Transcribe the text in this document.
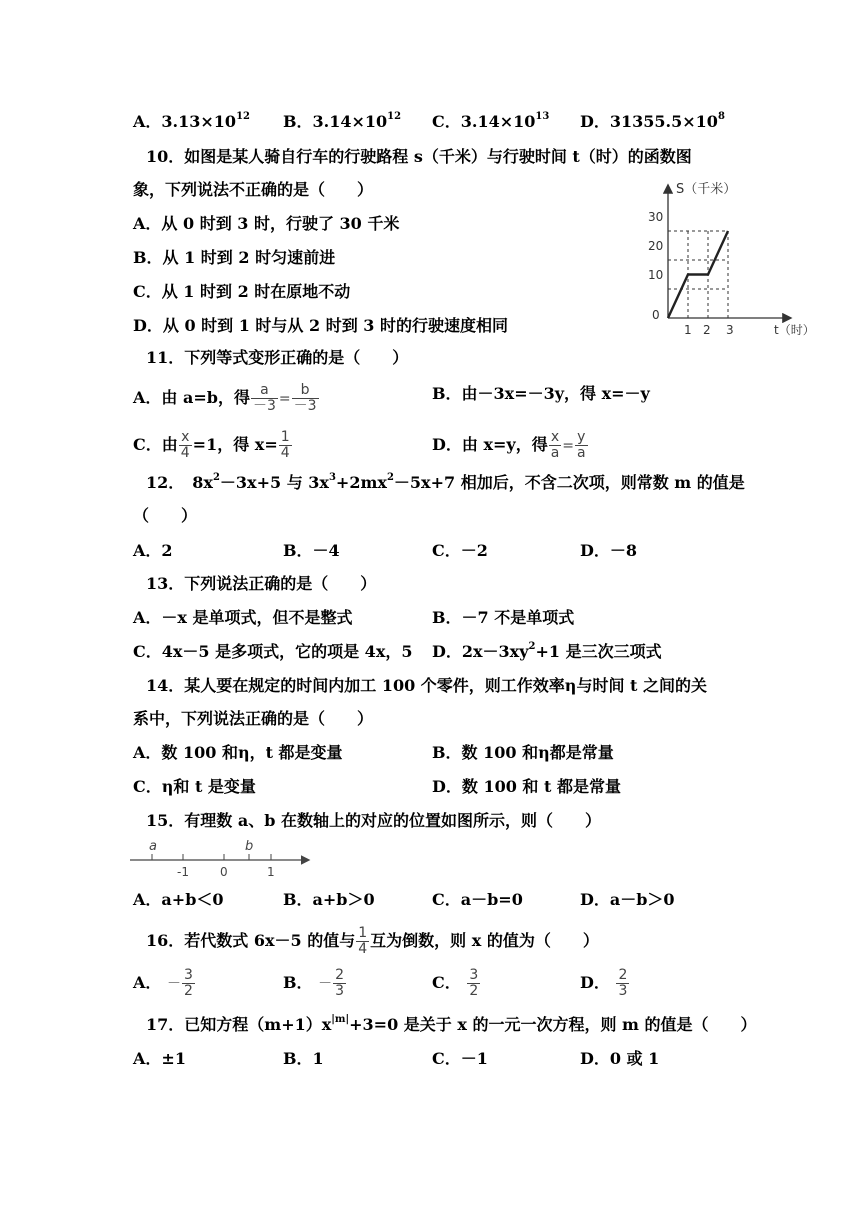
A．$3.13\times 10^{12}$ B．$3.14\times 10^{12}$ C．$3.14\times 10^{13}$ D．$31355.5\times 10^8$
10．如图是某人骑自行车的行驶路程 s（千米）与行驶时间 t（时）的函数图
象，下列说法不正确的是（　　）
A．从 0 时到 3 时，行驶了 30 千米
B．从 1 时到 2 时匀速前进
C．从 1 时到 2 时在原地不动
D．从 0 时到 1 时与从 2 时到 3 时的行驶速度相同
S（千米）
t（时）
30
20
10
0
1 2 3
11．下列等式变形正确的是（　　）
A．由 a=b，得 $\frac{a}{-3} = \frac{b}{-3}$	B．由－3x=－3y，得 x=－y
C．由 $\frac{x}{4} =1$，得 $x= \frac{1}{4}$	D．由 x=y，得 $\frac{x}{a} = \frac{y}{a}$
12．　$8x^2-3x+5$ 与 $3x^3+2mx^2-5x+7$ 相加后，不含二次项，则常数 m 的值是
（　　）
A．2	B．－4	C．－2	D．－8
13．下列说法正确的是（　　）
A．－x 是单项式，但不是整式	B．－7 不是单项式
C．4x－5 是多项式，它的项是 4x，5 D．$2x-3xy^2+1$ 是三次三项式
14．某人要在规定的时间内加工 100 个零件，则工作效率η与时间 t 之间的关
系中，下列说法正确的是（　　）
A．数 100 和η，t 都是变量	B．数 100 和η都是常量
C．η和 t 是变量	D．数 100 和 t 都是常量
15．有理数 a、b 在数轴上的对应的位置如图所示，则（　　）
a	b
-1	0	1
A．a+b＜0	B．a+b＞0	C．a－b=0	D．a－b＞0
16．若代数式 6x－5 的值与 $\frac{1}{4}$ 互为倒数，则 x 的值为（　　）
A． － $\frac{3}{2}$	B． － $\frac{2}{3}$	C． $\frac{3}{2}$	D． $\frac{2}{3}$
17．已知方程$(m+1)x^{|m|}+3=0$ 是关于 x 的一元一次方程，则 m 的值是（　　）
A．±1	B．1	C．－1	D．0 或 1
